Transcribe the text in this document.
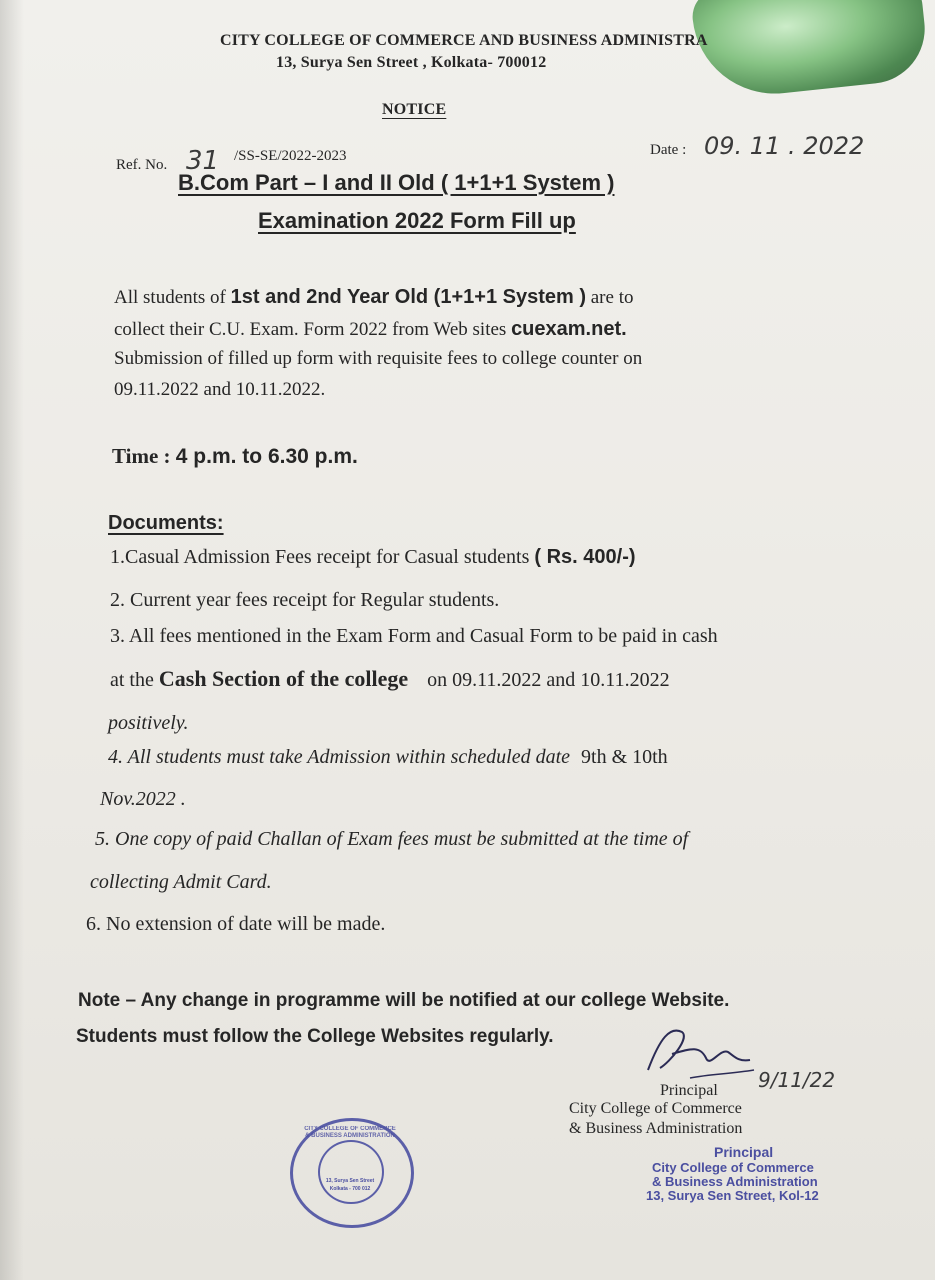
CITY COLLEGE OF COMMERCE AND BUSINESS ADMINISTRA
13, Surya Sen Street , Kolkata- 700012
NOTICE
Ref. No. 31 /SS-SE/2022-2023	Date : 09. 11 . 2022
B.Com Part – I and II Old ( 1+1+1 System )
Examination 2022 Form Fill up
All students of 1st and 2nd Year Old (1+1+1 System ) are to
collect their C.U. Exam. Form 2022 from Web sites cuexam.net.
Submission of filled up form with requisite fees to college counter on
09.11.2022 and 10.11.2022.
Time : 4 p.m. to 6.30 p.m.
Documents:
1.Casual Admission Fees receipt for Casual students ( Rs. 400/-)
2. Current year fees receipt for Regular students.
3. All fees mentioned in the Exam Form and Casual Form to be paid in cash
at the Cash Section of the college on 09.11.2022 and 10.11.2022
positively.
4. All students must take Admission within scheduled date 9th & 10th
Nov.2022 .
5. One copy of paid Challan of Exam fees must be submitted at the time of
collecting Admit Card.
6. No extension of date will be made.
Note – Any change in programme will be notified at our college Website.
Students must follow the College Websites regularly.
9/11/22
Principal
City College of Commerce
& Business Administration
Principal
City College of Commerce
& Business Administration
13, Surya Sen Street, Kol-12
CITY COLLEGE OF COMMERCE & BUSINESS ADMINISTRATION
13, Surya Sen Street
Kolkata - 700 012
